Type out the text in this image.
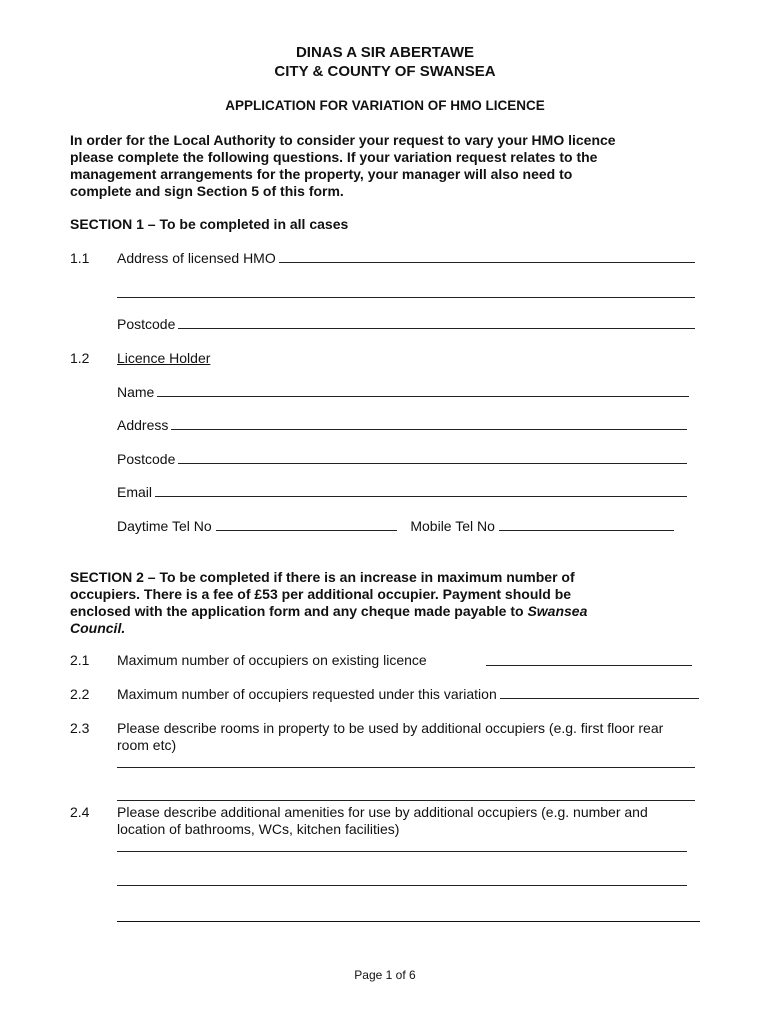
DINAS A SIR ABERTAWE
CITY & COUNTY OF SWANSEA
APPLICATION FOR VARIATION OF HMO LICENCE
In order for the Local Authority to consider your request to vary your HMO licence
please complete the following questions. If your variation request relates to the
management arrangements for the property, your manager will also need to
complete and sign Section 5 of this form.
SECTION 1 – To be completed in all cases
1.1 Address of licensed HMO
Postcode
1.2 Licence Holder
Name
Address
Postcode
Email
Daytime Tel No	Mobile Tel No
SECTION 2 – To be completed if there is an increase in maximum number of
occupiers. There is a fee of £53 per additional occupier. Payment should be
enclosed with the application form and any cheque made payable to Swansea
Council.
2.1 Maximum number of occupiers on existing licence
2.2 Maximum number of occupiers requested under this variation
2.3 Please describe rooms in property to be used by additional occupiers (e.g. first floor rear room etc)
2.4 Please describe additional amenities for use by additional occupiers (e.g. number and location of bathrooms, WCs, kitchen facilities)
Page 1 of 6
